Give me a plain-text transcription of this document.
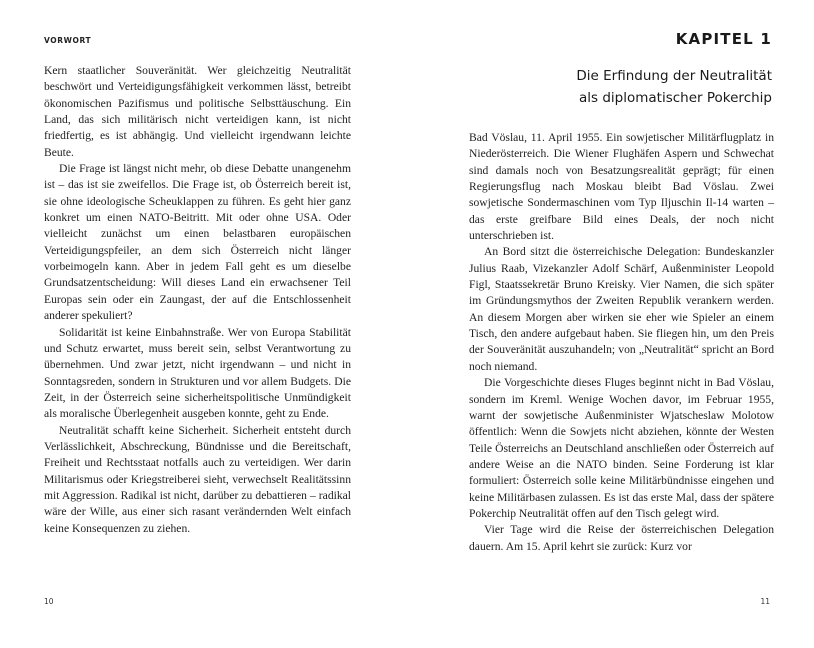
VORWORT

Kern staatlicher Souveränität. Wer gleichzeitig Neutralität beschwört und Verteidigungsfähigkeit verkommen lässt, betreibt ökonomischen Pazifismus und politische Selbsttäuschung. Ein Land, das sich militärisch nicht verteidigen kann, ist nicht friedfertig, es ist abhängig. Und vielleicht irgendwann leichte Beute.

Die Frage ist längst nicht mehr, ob diese Debatte unangenehm ist – das ist sie zweifellos. Die Frage ist, ob Österreich bereit ist, sie ohne ideologische Scheuklappen zu führen. Es geht hier ganz konkret um einen NATO-Beitritt. Mit oder ohne USA. Oder vielleicht zunächst um einen belastbaren europäischen Verteidigungspfeiler, an dem sich Österreich nicht länger vorbeimogeln kann. Aber in jedem Fall geht es um dieselbe Grundsatzentscheidung: Will dieses Land ein erwachsener Teil Europas sein oder ein Zaungast, der auf die Entschlossenheit anderer spekuliert?

Solidarität ist keine Einbahnstraße. Wer von Europa Stabilität und Schutz erwartet, muss bereit sein, selbst Verantwortung zu übernehmen. Und zwar jetzt, nicht irgendwann – und nicht in Sonntagsreden, sondern in Strukturen und vor allem Budgets. Die Zeit, in der Österreich seine sicherheitspolitische Unmündigkeit als moralische Überlegenheit ausgeben konnte, geht zu Ende.

Neutralität schafft keine Sicherheit. Sicherheit entsteht durch Verlässlichkeit, Abschreckung, Bündnisse und die Bereitschaft, Freiheit und Rechtsstaat notfalls auch zu verteidigen. Wer darin Militarismus oder Kriegstreiberei sieht, verwechselt Realitätssinn mit Aggression. Radikal ist nicht, darüber zu debattieren – radikal wäre der Wille, aus einer sich rasant verändernden Welt einfach keine Konsequenzen zu ziehen.

10
KAPITEL 1
Die Erfindung der Neutralität
als diplomatischer Pokerchip

Bad Vöslau, 11. April 1955. Ein sowjetischer Militärflugplatz in Niederösterreich. Die Wiener Flughäfen Aspern und Schwechat sind damals noch von Besatzungsrealität geprägt; für einen Regierungsflug nach Moskau bleibt Bad Vöslau. Zwei sowjetische Sondermaschinen vom Typ Iljuschin Il-14 warten – das erste greifbare Bild eines Deals, der noch nicht unterschrieben ist.

An Bord sitzt die österreichische Delegation: Bundeskanzler Julius Raab, Vizekanzler Adolf Schärf, Außenminister Leopold Figl, Staatssekretär Bruno Kreisky. Vier Namen, die sich später im Gründungsmythos der Zweiten Republik verankern werden. An diesem Morgen aber wirken sie eher wie Spieler an einem Tisch, den andere aufgebaut haben. Sie fliegen hin, um den Preis der Souveränität auszuhandeln; von „Neutralität“ spricht an Bord noch niemand.

Die Vorgeschichte dieses Fluges beginnt nicht in Bad Vöslau, sondern im Kreml. Wenige Wochen davor, im Februar 1955, warnt der sowjetische Außenminister Wjatscheslaw Molotow öffentlich: Wenn die Sowjets nicht abziehen, könnte der Westen Teile Österreichs an Deutschland anschließen oder Österreich auf andere Weise an die NATO binden. Seine Forderung ist klar formuliert: Österreich solle keine Militärbündnisse eingehen und keine Militärbasen zulassen. Es ist das erste Mal, dass der spätere Pokerchip Neutralität offen auf den Tisch gelegt wird.

Vier Tage wird die Reise der österreichischen Delegation dauern. Am 15. April kehrt sie zurück: Kurz vor

11
